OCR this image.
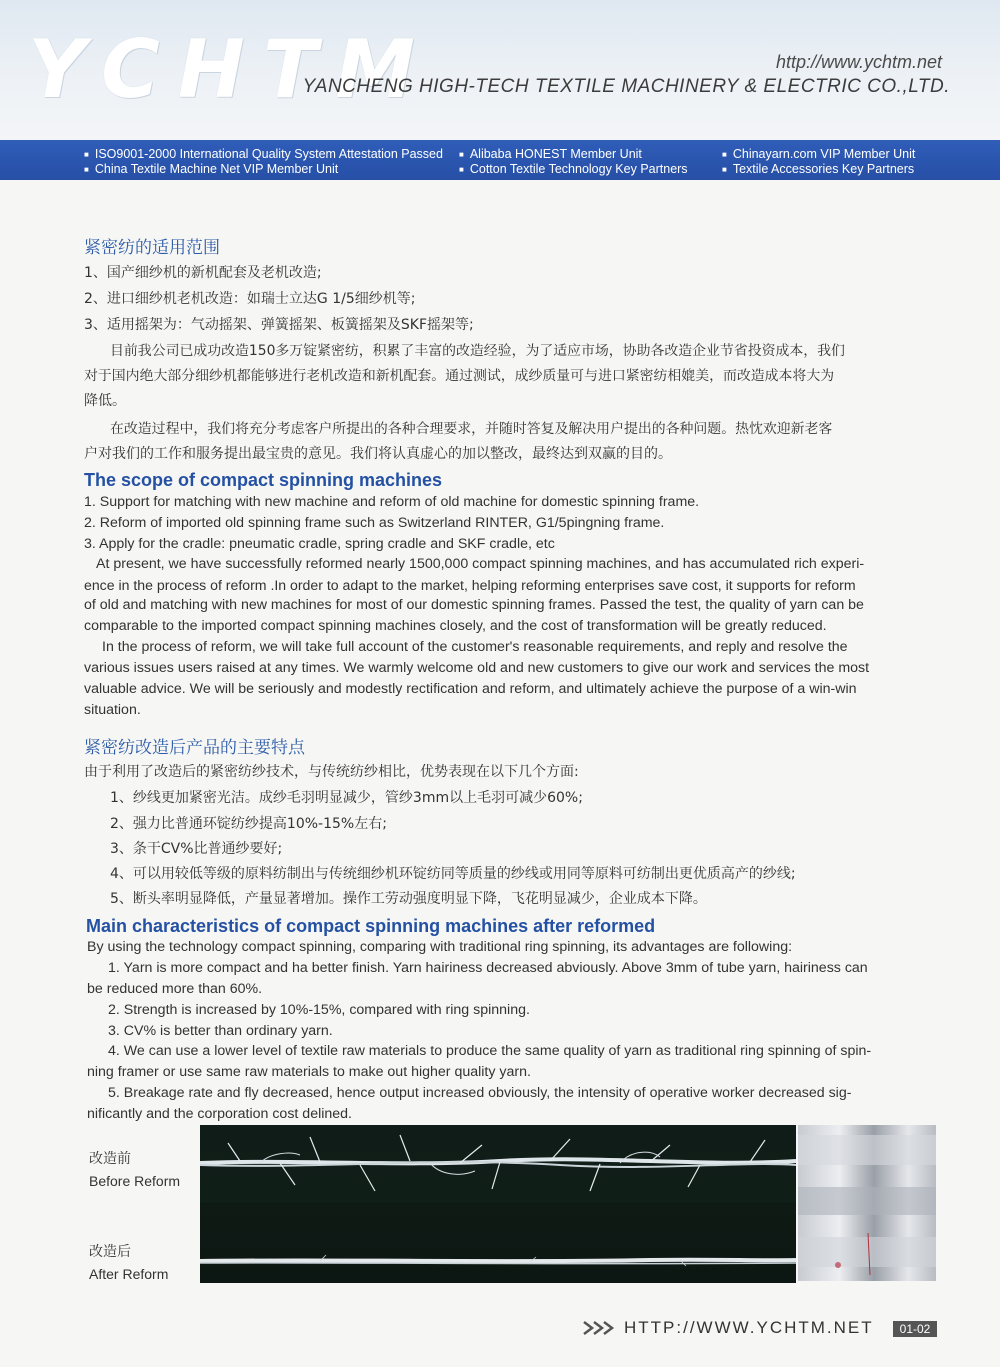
YCHTM	http://www.ychtm.net
YANCHENG HIGH-TECH TEXTILE MACHINERY & ELECTRIC CO.,LTD.
■ ISO9001-2000 International Quality System Attestation Passed
■ China Textile Machine Net VIP Member Unit
■ Alibaba HONEST Member Unit
■ Cotton Textile Technology Key Partners
■ Chinayarn.com VIP Member Unit
■ Textile Accessories Key Partners
紧密纺的适用范围
1、国产细纱机的新机配套及老机改造;
2、进口细纱机老机改造：如瑞士立达G 1/5细纱机等;
3、适用摇架为：气动摇架、弹簧摇架、板簧摇架及SKF摇架等;
目前我公司已成功改造150多万锭紧密纺，积累了丰富的改造经验，为了适应市场，协助各改造企业节省投资成本，我们
对于国内绝大部分细纱机都能够进行老机改造和新机配套。通过测试，成纱质量可与进口紧密纺相媲美，而改造成本将大为
降低。
在改造过程中，我们将充分考虑客户所提出的各种合理要求，并随时答复及解决用户提出的各种问题。热忱欢迎新老客
户对我们的工作和服务提出最宝贵的意见。我们将认真虚心的加以整改，最终达到双赢的目的。
The scope of compact spinning machines
1. Support for matching with new machine and reform of old machine for domestic spinning frame.
2. Reform of imported old spinning frame such as Switzerland RINTER, G1/5pingning frame.
3. Apply for the cradle: pneumatic cradle, spring cradle and SKF cradle, etc
At present, we have successfully reformed nearly 1500,000 compact spinning machines, and has accumulated rich experi-
ence in the process of reform .In order to adapt to the market, helping reforming enterprises save cost, it supports for reform
of old and matching with new machines for most of our domestic spinning frames. Passed the test, the quality of yarn can be
comparable to the imported compact spinning machines closely, and the cost of transformation will be greatly reduced.
In the process of reform, we will take full account of the customer's reasonable requirements, and reply and resolve the
various issues users raised at any times. We warmly welcome old and new customers to give our work and services the most
valuable advice. We will be seriously and modestly rectification and reform, and ultimately achieve the purpose of a win-win
situation.
紧密纺改造后产品的主要特点
由于利用了改造后的紧密纺纱技术，与传统纺纱相比，优势表现在以下几个方面:
1、纱线更加紧密光洁。成纱毛羽明显减少，管纱3mm以上毛羽可减少60%;
2、强力比普通环锭纺纱提高10%-15%左右;
3、条干CV%比普通纱要好;
4、可以用较低等级的原料纺制出与传统细纱机环锭纺同等质量的纱线或用同等原料可纺制出更优质高产的纱线;
5、断头率明显降低，产量显著增加。操作工劳动强度明显下降，飞花明显减少，企业成本下降。
Main characteristics of compact spinning machines after reformed
By using the technology compact spinning, comparing with traditional ring spinning, its advantages are following:
1. Yarn is more compact and ha better finish. Yarn hairiness decreased abviously. Above 3mm of tube yarn, hairiness can
be reduced more than 60%.
2. Strength is increased by 10%-15%, compared with ring spinning.
3. CV% is better than ordinary yarn.
4. We can use a lower level of textile raw materials to produce the same quality of yarn as traditional ring spinning of spin-
ning framer or use same raw materials to make out higher quality yarn.
5. Breakage rate and fly decreased, hence output increased obviously, the intensity of operative worker decreased sig-
nificantly and the corporation cost delined.
改造前
Before Reform
改造后
After Reform
HTTP://WWW.YCHTM.NET	01-02
